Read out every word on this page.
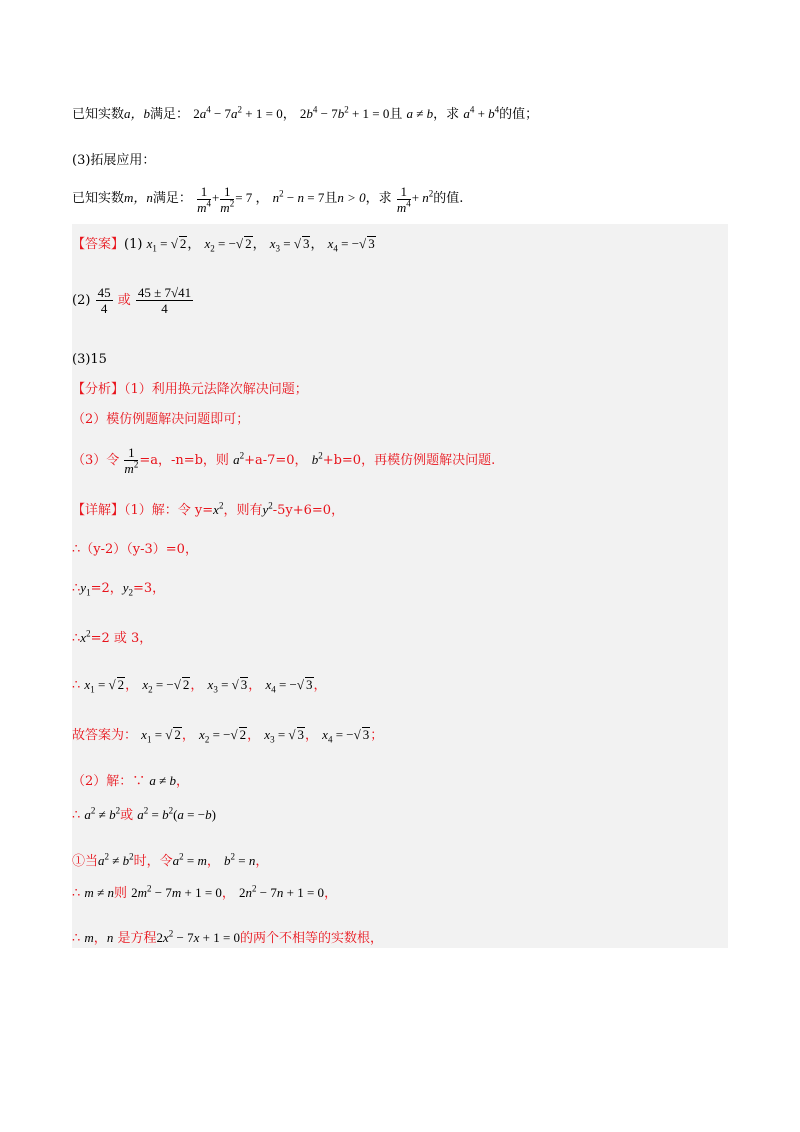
已知实数a，b满足： $2a^4 - 7a^2 + 1 = 0$， $2b^4 - 7b^2 + 1 = 0$且 a ≠ b，求 $a^4 + b^4$的值；
(3)拓展应用：
已知实数m，n满足： $\frac{1}{m^4} + \frac{1}{m^2} = 7$ ， $n^2 - n = 7$且n > 0，求 $\frac{1}{m^4} + n^2$的值.
【答案】(1) $x_1$ = √ 2， $x_2$ = −√ 2， $x_3$ = √ 3， $x_4$ = −√ 3
$(2) \frac{45}{4}$ 或 $\frac{45 \pm 7√41}{4}$
(3)15
【分析】（1）利用换元法降次解决问题；
（2）模仿例题解决问题即可；
（3）令 $\frac{1}{m^2} =a$，-n=b，则 $a^2+a-7=0$， $b^2+b=0$，再模仿例题解决问题.
【详解】（1）解：令 $y=x^2$，则有$y^2-5y+6=0$，
∴（y-2）（y-3）=0，
$\therefore y_1=2$，$y_2=3$，
$\therefore x^2=2$ 或 3，
∴ $x_1$ = √ 2， $x_2$ = −√ 2， $x_3$ = √ 3， $x_4$ = −√ 3，
故答案为： $x_1$ = √ 2， $x_2$ = −√ 2， $x_3$ = √ 3， $x_4$ = −√ 3；
（2）解：∵ a ≠ b，
∴ $a^2 \ne b^2$或 $a^2 = b^2(a = -b)$
①当$a^2 \ne b^2$时，令$a^2 = m$， $b^2 = n$，
∴ m ≠ n则 $2m^2 - 7m + 1 = 0$， $2n^2 - 7n + 1 = 0$，
∴ m，n 是方程$2x^2 - 7x + 1 = 0$的两个不相等的实数根，
